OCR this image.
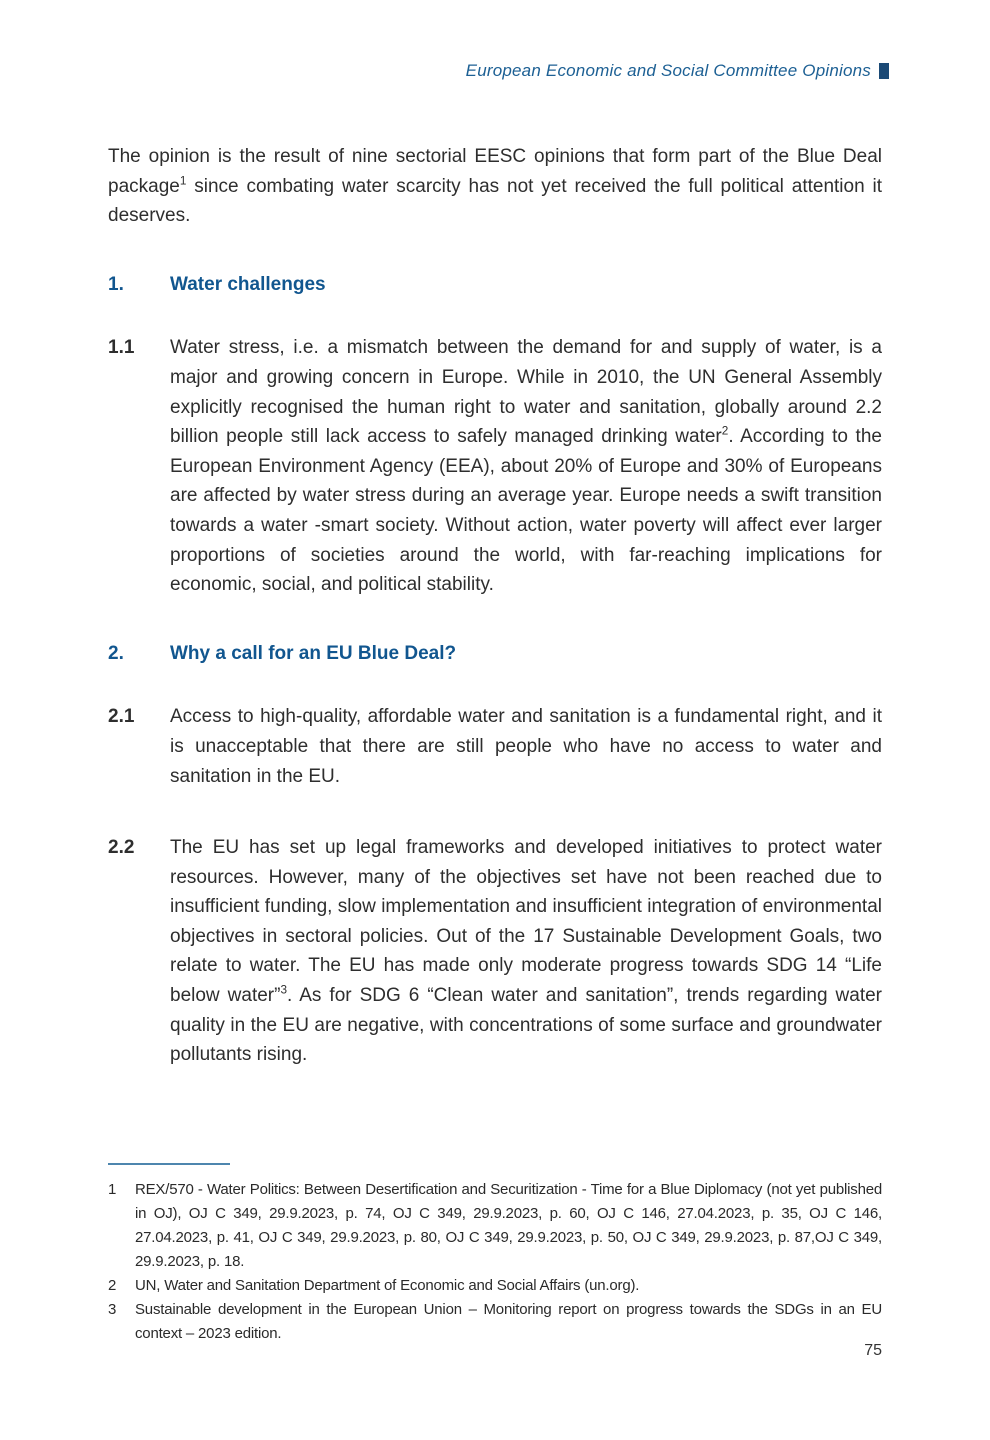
European Economic and Social Committee Opinions

The opinion is the result of nine sectorial EESC opinions that form part of the Blue Deal package$^1$ since combating water scarcity has not yet received the full political attention it deserves.

1.	Water challenges
1.1	Water stress, i.e. a mismatch between the demand for and supply of water, is a major and growing concern in Europe. While in 2010, the UN General Assembly explicitly recognised the human right to water and sanitation, globally around 2.2 billion people still lack access to safely managed drinking water$^2$. According to the European Environment Agency (EEA), about 20% of Europe and 30% of Europeans are affected by water stress during an average year. Europe needs a swift transition towards a water -smart society. Without action, water poverty will affect ever larger proportions of societies around the world, with far-reaching implications for economic, social, and political stability.
2.	Why a call for an EU Blue Deal?
2.1	Access to high-quality, affordable water and sanitation is a fundamental right, and it is unacceptable that there are still people who have no access to water and sanitation in the EU.
2.2	The EU has set up legal frameworks and developed initiatives to protect water resources. However, many of the objectives set have not been reached due to insufficient funding, slow implementation and insufficient integration of environmental objectives in sectoral policies. Out of the 17 Sustainable Development Goals, two relate to water. The EU has made only moderate progress towards SDG 14 “Life below water”$^3$. As for SDG 6 “Clean water and sanitation”, trends regarding water quality in the EU are negative, with concentrations of some surface and groundwater pollutants rising.
1	REX/570 - Water Politics: Between Desertification and Securitization - Time for a Blue Diplomacy (not yet published in OJ), OJ C 349, 29.9.2023, p. 74, OJ C 349, 29.9.2023, p. 60, OJ C 146, 27.04.2023, p. 35, OJ C 146, 27.04.2023, p. 41, OJ C 349, 29.9.2023, p. 80, OJ C 349, 29.9.2023, p. 50, OJ C 349, 29.9.2023, p. 87,OJ C 349, 29.9.2023, p. 18.
2	UN, Water and Sanitation Department of Economic and Social Affairs (un.org).
3	Sustainable development in the European Union – Monitoring report on progress towards the SDGs in an EU context – 2023 edition.
75
